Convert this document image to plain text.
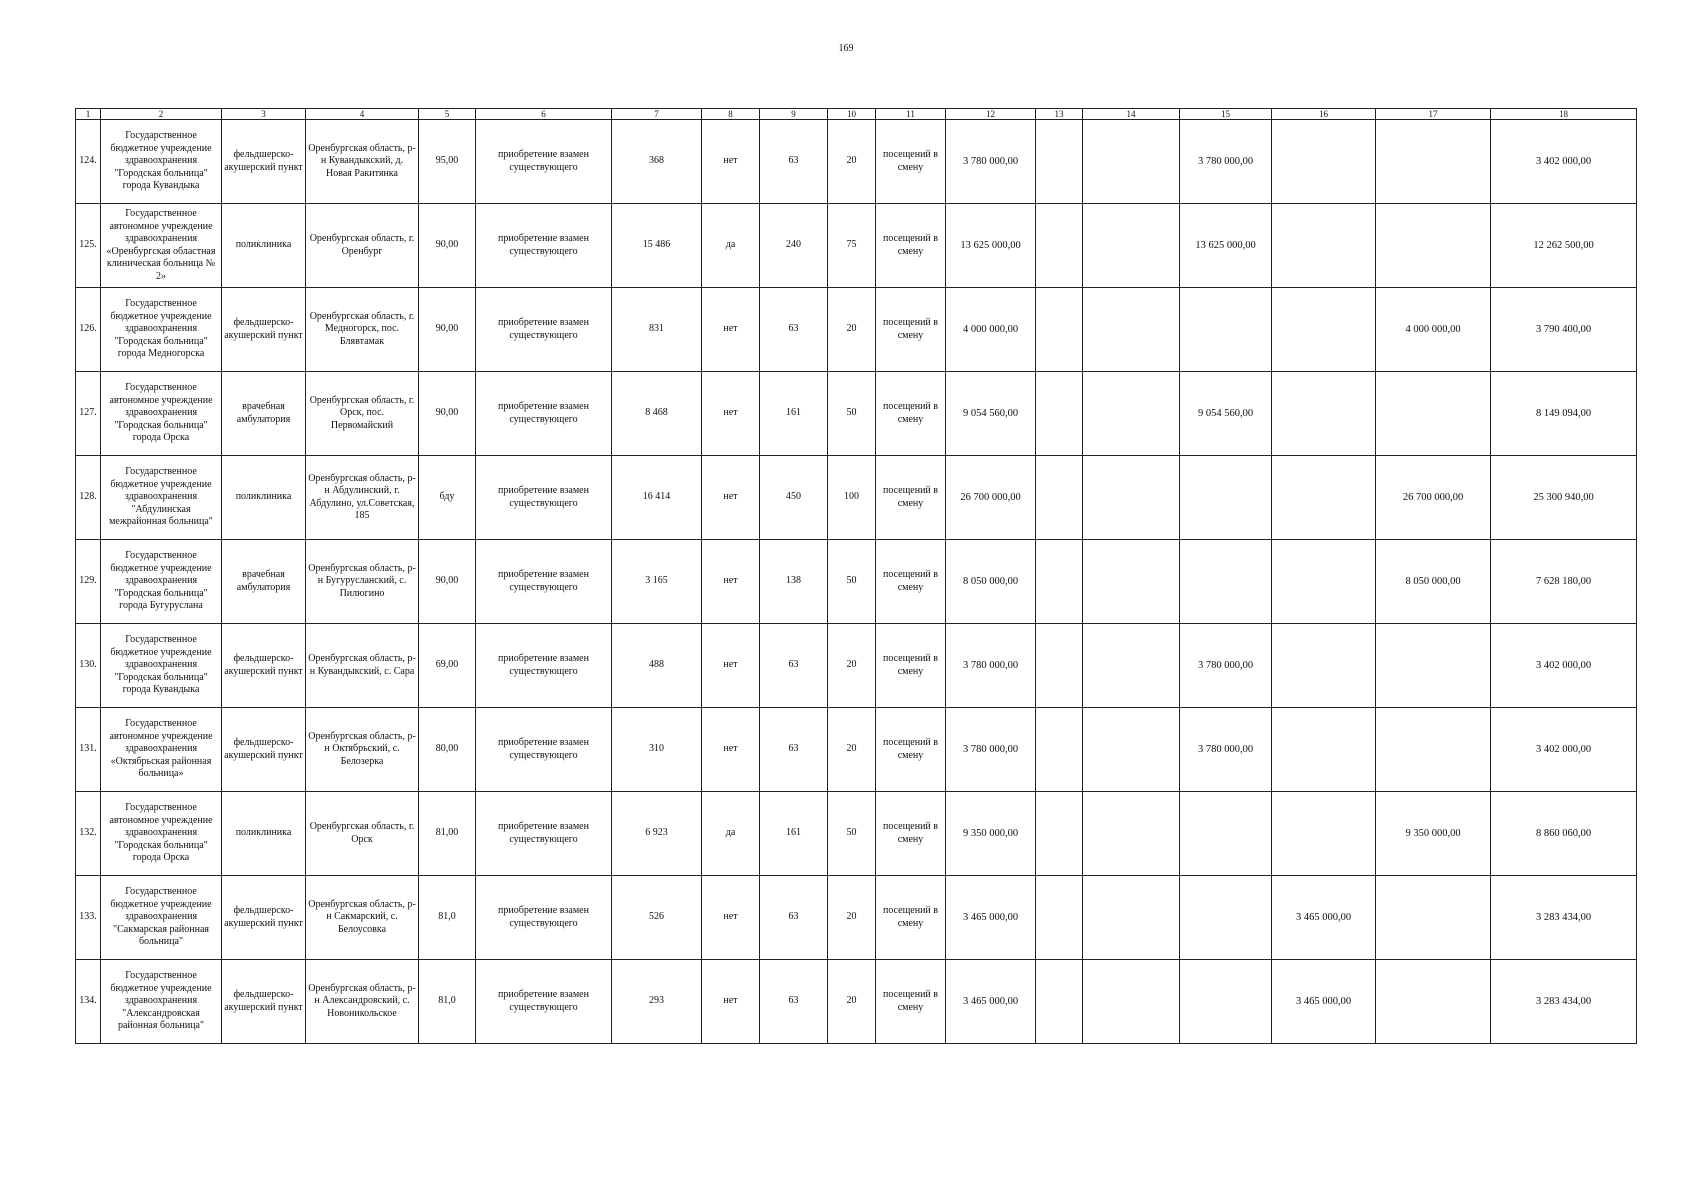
169
1	2	3	4	5	6	7	8	9	10	11	12	13	14	15	16	17	18
124.	Государственное бюджетное учреждение здравоохранения "Городская больница" города Кувандыка	фельдшерско-акушерский пункт	Оренбургская область, р-н Кувандыкский, д. Новая Ракитянка	95,00	приобретение взамен существующего	368	нет	63	20	посещений в смену	3 780 000,00			3 780 000,00			3 402 000,00
125.	Государственное автономное учреждение здравоохранения «Оренбургская областная клиническая больница № 2»	поликлиника	Оренбургская область, г. Оренбург	90,00	приобретение взамен существующего	15 486	да	240	75	посещений в смену	13 625 000,00			13 625 000,00			12 262 500,00
126.	Государственное бюджетное учреждение здравоохранения "Городская больница" города Медногорска	фельдшерско-акушерский пункт	Оренбургская область, г. Медногорск, пос. Блявтамак	90,00	приобретение взамен существующего	831	нет	63	20	посещений в смену	4 000 000,00					4 000 000,00	3 790 400,00
127.	Государственное автономное учреждение здравоохранения "Городская больница" города Орска	врачебная амбулатория	Оренбургская область, г. Орск, пос. Первомайский	90,00	приобретение взамен существующего	8 468	нет	161	50	посещений в смену	9 054 560,00			9 054 560,00			8 149 094,00
128.	Государственное бюджетное учреждение здравоохранения "Абдулинская межрайонная больница"	поликлиника	Оренбургская область, р-н Абдулинский, г. Абдулино, ул.Советская, 185	бду	приобретение взамен существующего	16 414	нет	450	100	посещений в смену	26 700 000,00					26 700 000,00	25 300 940,00
129.	Государственное бюджетное учреждение здравоохранения "Городская больница" города Бугуруслана	врачебная амбулатория	Оренбургская область, р-н Бугурусланский, с. Пилюгино	90,00	приобретение взамен существующего	3 165	нет	138	50	посещений в смену	8 050 000,00					8 050 000,00	7 628 180,00
130.	Государственное бюджетное учреждение здравоохранения "Городская больница" города Кувандыка	фельдшерско-акушерский пункт	Оренбургская область, р-н Кувандыкский, с. Сара	69,00	приобретение взамен существующего	488	нет	63	20	посещений в смену	3 780 000,00			3 780 000,00			3 402 000,00
131.	Государственное автономное учреждение здравоохранения «Октябрьская районная больница»	фельдшерско-акушерский пункт	Оренбургская область, р-н Октябрьский, с. Белозерка	80,00	приобретение взамен существующего	310	нет	63	20	посещений в смену	3 780 000,00			3 780 000,00			3 402 000,00
132.	Государственное автономное учреждение здравоохранения "Городская больница" города Орска	поликлиника	Оренбургская область, г. Орск	81,00	приобретение взамен существующего	6 923	да	161	50	посещений в смену	9 350 000,00					9 350 000,00	8 860 060,00
133.	Государственное бюджетное учреждение здравоохранения "Сакмарская районная больница"	фельдшерско-акушерский пункт	Оренбургская область, р-н Сакмарский, с. Белоусовка	81,0	приобретение взамен существующего	526	нет	63	20	посещений в смену	3 465 000,00				3 465 000,00		3 283 434,00
134.	Государственное бюджетное учреждение здравоохранения "Александровская районная больница"	фельдшерско-акушерский пункт	Оренбургская область, р-н Александровский, с. Новоникольское	81,0	приобретение взамен существующего	293	нет	63	20	посещений в смену	3 465 000,00				3 465 000,00		3 283 434,00
